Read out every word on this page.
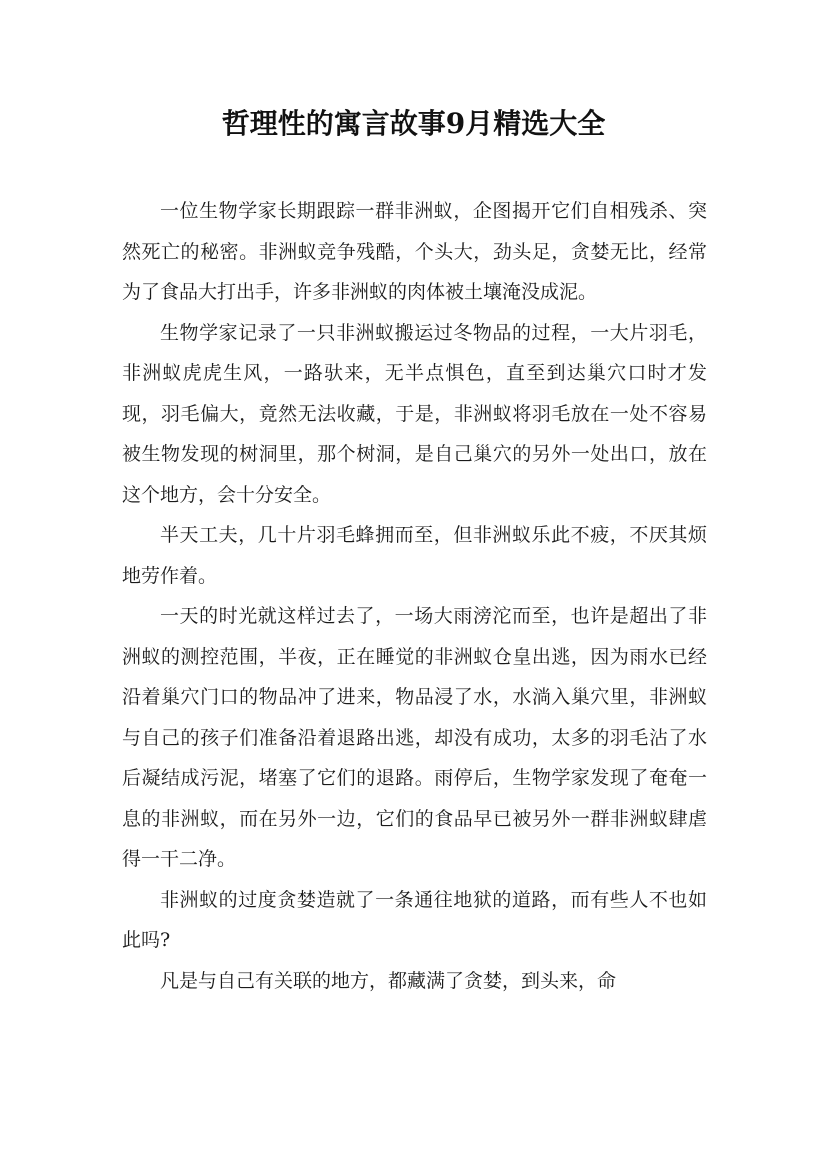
哲理性的寓言故事9月精选大全

一位生物学家长期跟踪一群非洲蚁，企图揭开它们自相残杀、突然死亡的秘密。非洲蚁竞争残酷，个头大，劲头足，贪婪无比，经常为了食品大打出手，许多非洲蚁的肉体被土壤淹没成泥。

生物学家记录了一只非洲蚁搬运过冬物品的过程，一大片羽毛，非洲蚁虎虎生风，一路驮来，无半点惧色，直至到达巢穴口时才发现，羽毛偏大，竟然无法收藏，于是，非洲蚁将羽毛放在一处不容易被生物发现的树洞里，那个树洞，是自己巢穴的另外一处出口，放在这个地方，会十分安全。

半天工夫，几十片羽毛蜂拥而至，但非洲蚁乐此不疲，不厌其烦地劳作着。

一天的时光就这样过去了，一场大雨滂沱而至，也许是超出了非洲蚁的测控范围，半夜，正在睡觉的非洲蚁仓皇出逃，因为雨水已经沿着巢穴门口的物品冲了进来，物品浸了水，水淌入巢穴里，非洲蚁与自己的孩子们准备沿着退路出逃，却没有成功，太多的羽毛沾了水后凝结成污泥，堵塞了它们的退路。雨停后，生物学家发现了奄奄一息的非洲蚁，而在另外一边，它们的食品早已被另外一群非洲蚁肆虐得一干二净。

非洲蚁的过度贪婪造就了一条通往地狱的道路，而有些人不也如此吗?

凡是与自己有关联的地方，都藏满了贪婪，到头来，命
